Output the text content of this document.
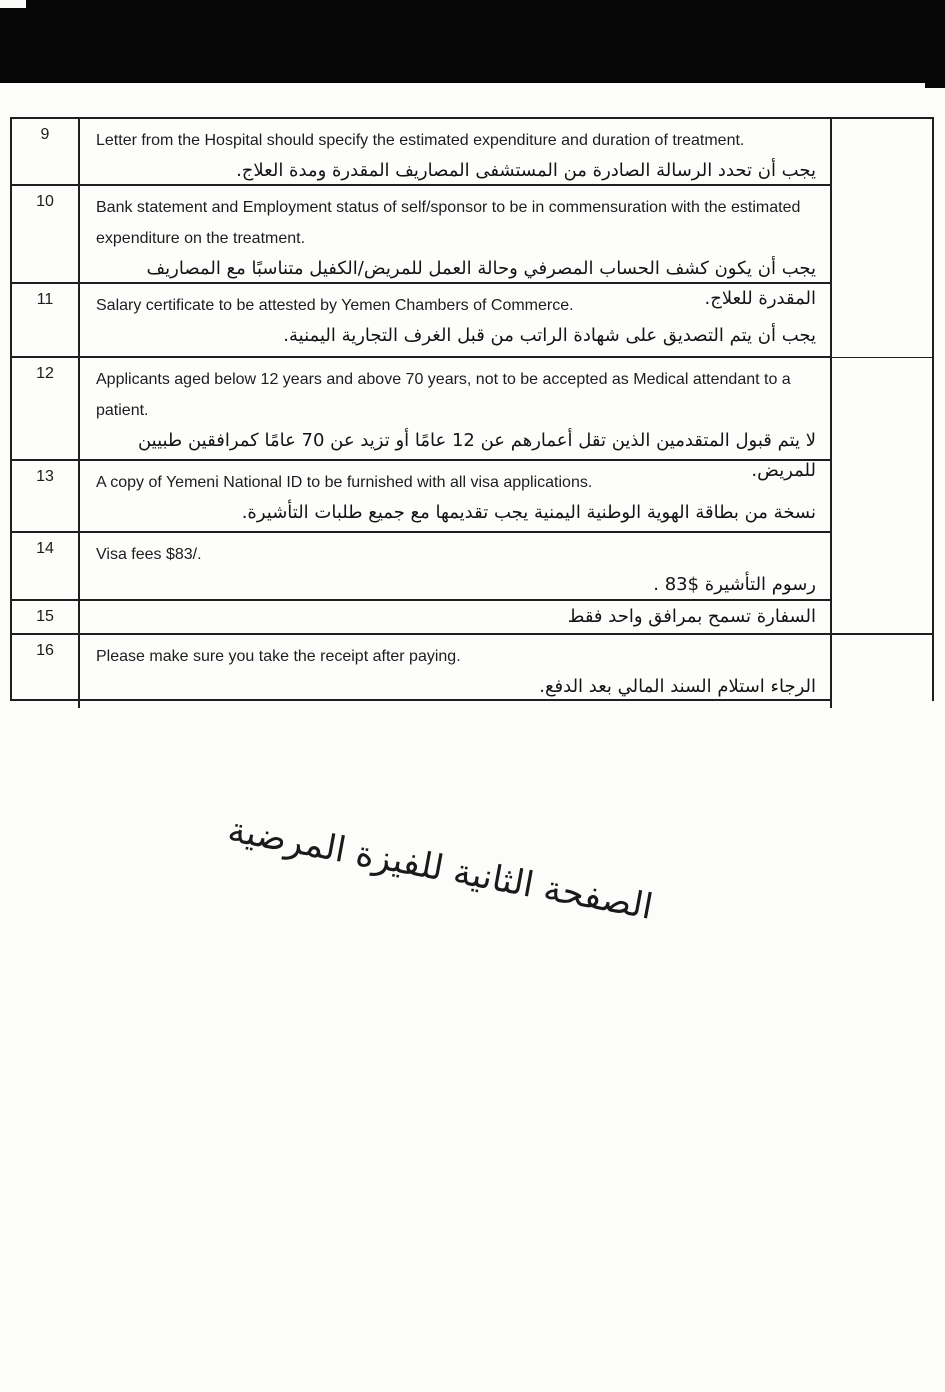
9	Letter from the Hospital should specify the estimated expenditure and duration of treatment.
يجب أن تحدد الرسالة الصادرة من المستشفى المصاريف المقدرة ومدة العلاج.
10	Bank statement and Employment status of self/sponsor to be in commensuration with the estimated expenditure on the treatment.
يجب أن يكون كشف الحساب المصرفي وحالة العمل للمريض/الكفيل متناسبًا مع المصاريف المقدرة للعلاج.
11	Salary certificate to be attested by Yemen Chambers of Commerce.
يجب أن يتم التصديق على شهادة الراتب من قبل الغرف التجارية اليمنية.
12	Applicants aged below 12 years and above 70 years, not to be accepted as Medical attendant to a patient.
لا يتم قبول المتقدمين الذين تقل أعمارهم عن 12 عامًا أو تزيد عن 70 عامًا كمرافقين طبيين للمريض.
13	A copy of Yemeni National ID to be furnished with all visa applications.
نسخة من بطاقة الهوية الوطنية اليمنية يجب تقديمها مع جميع طلبات التأشيرة.
14	Visa fees $83/.
رسوم التأشيرة $83 .
15	السفارة تسمح بمرافق واحد فقط
16	Please make sure you take the receipt after paying.
الرجاء استلام السند المالي بعد الدفع.
الصفحة الثانية للفيزة المرضية
